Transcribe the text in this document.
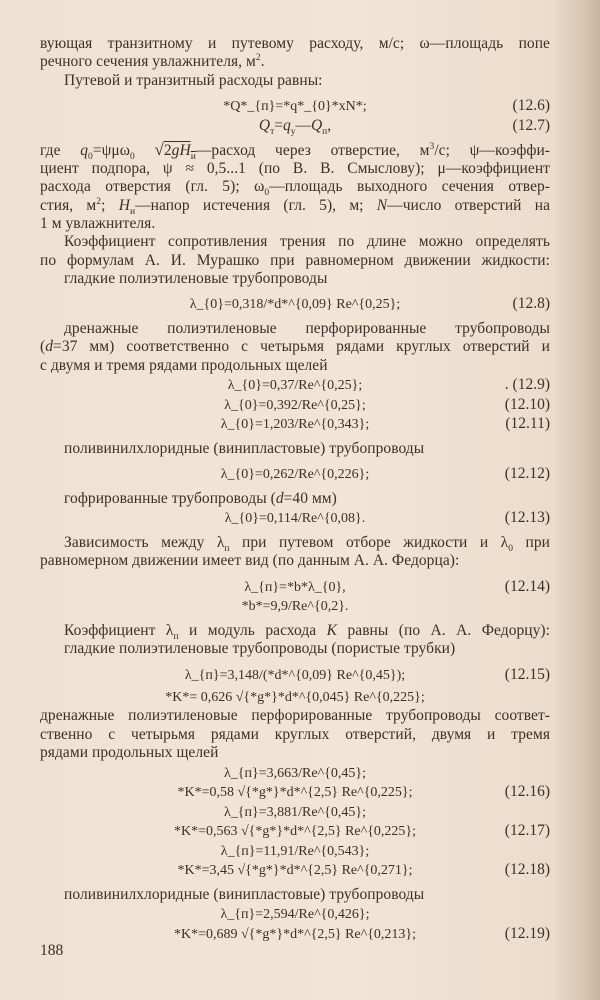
вующая транзитному и путевому расходу, м/с; ω—площадь попе
речного сечения увлажнителя, $м^2$.
Путевой и транзитный расходы равны:
*Q*_{п}=*q*_{0}*xN*;	(12.6)
$Q_т=q_у—Q_п$,	(12.7)
где $q_0=\psi\mu\omega_0$ $√2gH_и—расход$ через отверстие, $м^3/с$; ψ—коэффи-
циент подпора, ψ ≈ 0,5...1 (по В. В. Смыслову); μ—коэффициент
расхода отверстия (гл. 5); $\omega_0—площадь$ выходного сечения отвер-
стия, $м^2$; $H_и—напор$ истечения (гл. 5), м; N—число отверстий на
1 м увлажнителя.
Коэффициент сопротивления трения по длине можно определять
по формулам А. И. Мурашко при равномерном движении жидкости:
гладкие полиэтиленовые трубопроводы
λ_{0}=0,318/*d*^{0,09} Re^{0,25};	(12.8)
дренажные полиэтиленовые перфорированные трубопроводы
(d=37 мм) соответственно с четырьмя рядами круглых отверстий и
с двумя и тремя рядами продольных щелей
λ_{0}=0,37/Re^{0,25};	. (12.9)
λ_{0}=0,392/Re^{0,25};	(12.10)
λ_{0}=1,203/Re^{0,343};	(12.11)
поливинилхлоридные (винипластовые) трубопроводы
λ_{0}=0,262/Re^{0,226};	(12.12)
гофрированные трубопроводы (d=40 мм)
λ_{0}=0,114/Re^{0,08}.	(12.13)
Зависимость между $\lambda_п$ при путевом отборе жидкости и $\lambda_0$ при
равномерном движении имеет вид (по данным А. А. Федорца):
λ_{п}=*b*λ_{0},	(12.14)
*b*=9,9/Re^{0,2}.
Коэффициент $\lambda_п$ и модуль расхода K равны (по А. А. Федорцу):
гладкие полиэтиленовые трубопроводы (пористые трубки)
λ_{п}=3,148/(*d*^{0,09} Re^{0,45});	(12.15)
*K*= 0,626 √{*g*}*d*^{0,045} Re^{0,225};
дренажные полиэтиленовые перфорированные трубопроводы соответ-
ственно с четырьмя рядами круглых отверстий, двумя и тремя
рядами продольных щелей
λ_{п}=3,663/Re^{0,45};
*K*=0,58 √{*g*}*d*^{2,5} Re^{0,225};	(12.16)
λ_{п}=3,881/Re^{0,45};
*K*=0,563 √{*g*}*d*^{2,5} Re^{0,225};	(12.17)
λ_{п}=11,91/Re^{0,543};
*K*=3,45 √{*g*}*d*^{2,5} Re^{0,271};	(12.18)
поливинилхлоридные (винипластовые) трубопроводы
λ_{п}=2,594/Re^{0,426};
*K*=0,689 √{*g*}*d*^{2,5} Re^{0,213};	(12.19)
188
